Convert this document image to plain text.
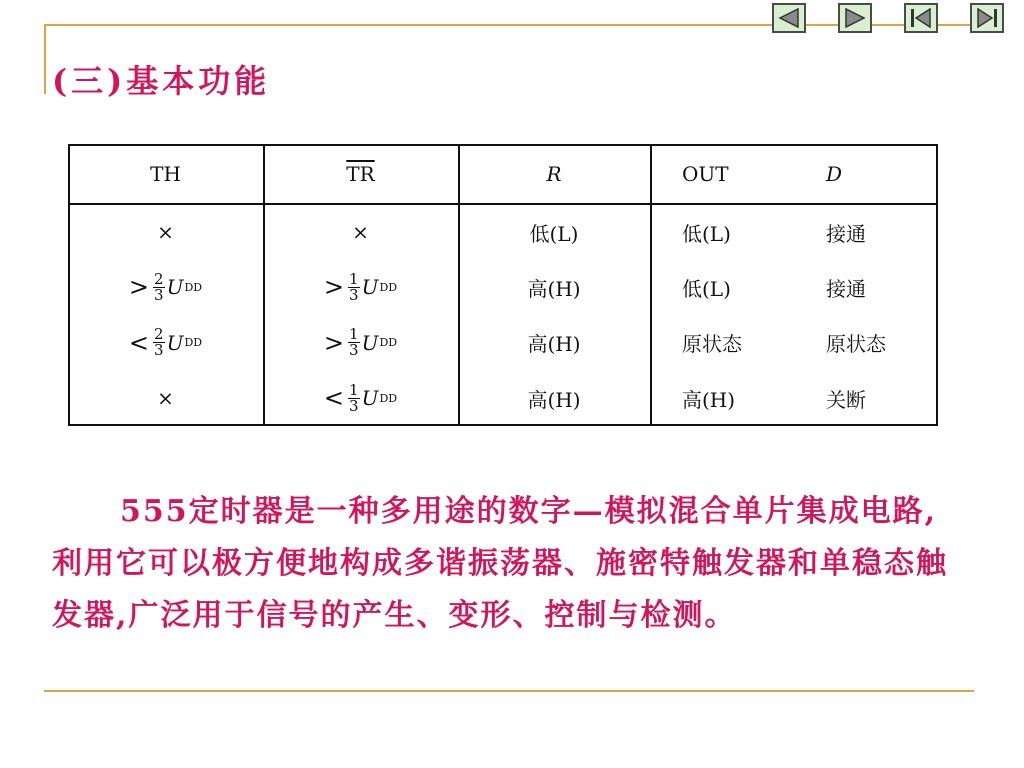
(三)基本功能
TH	$\overline{TR}$	R	OUT D

×	×	低(L)	低(L) 接通

> $\frac{2}{3}$ U DD	> $\frac{1}{3}$ U DD	高(H)	低(L) 接通

< $\frac{2}{3}$ U DD	> $\frac{1}{3}$ U DD	高(H)	原状态 原状态

×	< $\frac{1}{3}$ U DD	高(H)	高(H) 关断

555定时器是一种多用途的数字—模拟混合单片集成电路,利用它可以极方便地构成多谐振荡器、施密特触发器和单稳态触发器,广泛用于信号的产生、变形、控制与检测。
